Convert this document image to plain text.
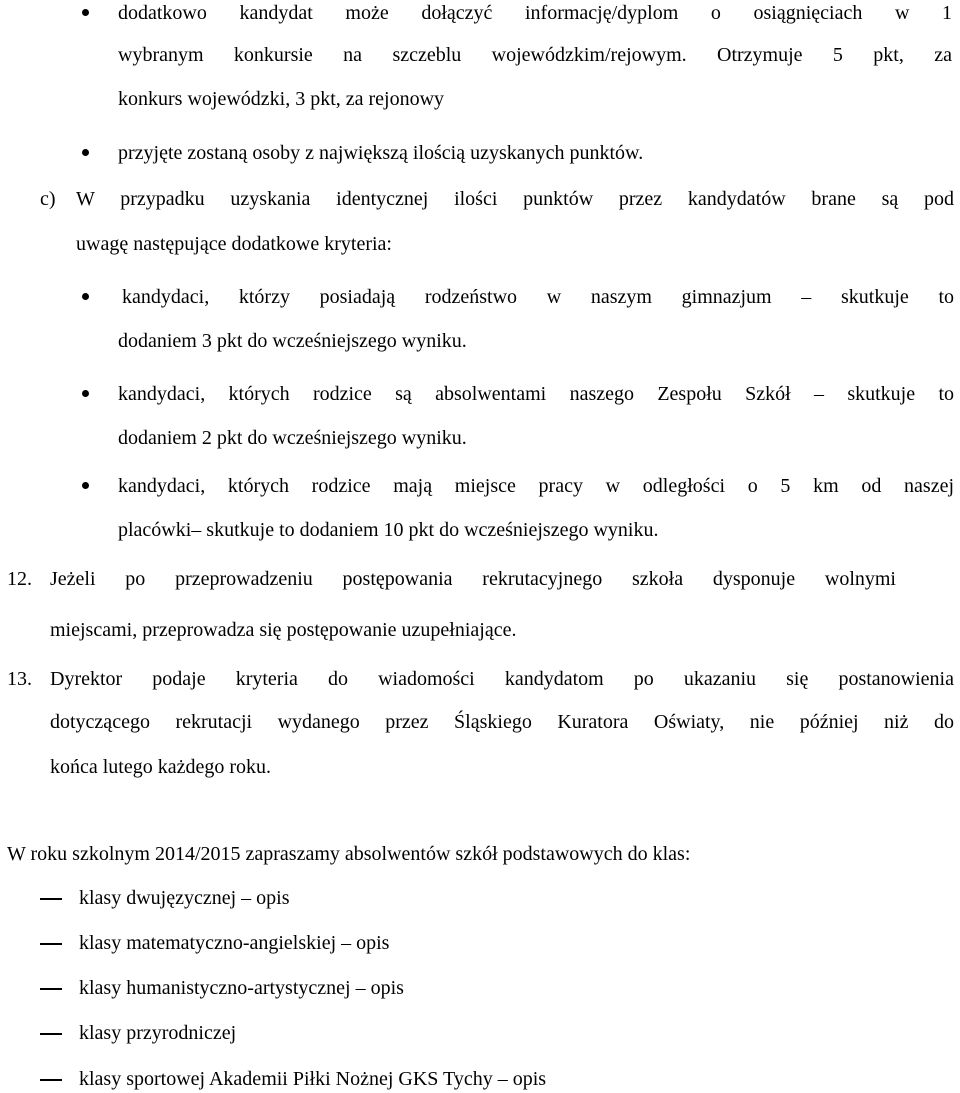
dodatkowo kandydat może dołączyć informację/dyplom o osiągnięciach w 1
wybranym konkursie na szczeblu wojewódzkim/rejowym. Otrzymuje 5 pkt, za
konkurs wojewódzki, 3 pkt, za rejonowy
przyjęte zostaną osoby z największą ilością uzyskanych punktów.
c) W przypadku uzyskania identycznej ilości punktów przez kandydatów brane są pod
uwagę następujące dodatkowe kryteria:
kandydaci, którzy posiadają rodzeństwo w naszym gimnazjum – skutkuje to
dodaniem 3 pkt do wcześniejszego wyniku.
kandydaci, których rodzice są absolwentami naszego Zespołu Szkół – skutkuje to
dodaniem 2 pkt do wcześniejszego wyniku.
kandydaci, których rodzice mają miejsce pracy w odległości o 5 km od naszej
placówki– skutkuje to dodaniem 10 pkt do wcześniejszego wyniku.
12. Jeżeli po przeprowadzeniu postępowania rekrutacyjnego szkoła dysponuje wolnymi
miejscami, przeprowadza się postępowanie uzupełniające.
13. Dyrektor podaje kryteria do wiadomości kandydatom po ukazaniu się postanowienia
dotyczącego rekrutacji wydanego przez Śląskiego Kuratora Oświaty, nie później niż do
końca lutego każdego roku.
W roku szkolnym 2014/2015 zapraszamy absolwentów szkół podstawowych do klas:
klasy dwujęzycznej – opis
klasy matematyczno-angielskiej – opis
klasy humanistyczno-artystycznej – opis
klasy przyrodniczej
klasy sportowej Akademii Piłki Nożnej GKS Tychy – opis
